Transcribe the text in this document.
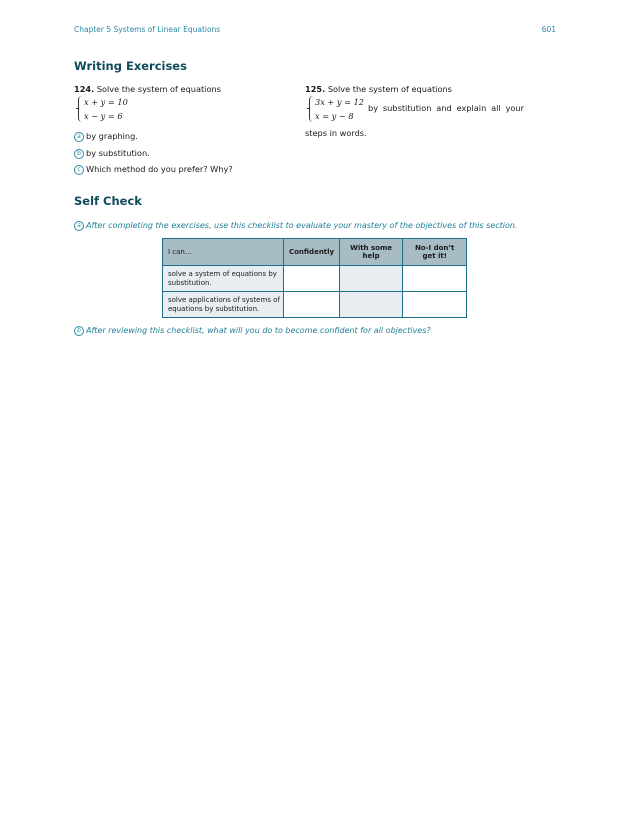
Chapter 5 Systems of Linear Equations	601
Writing Exercises
124. Solve the system of equations
x + y = 10
x − y = 6
125. Solve the system of equations
3x + y = 12
x = y − 8
by substitution and explain all your
steps in words.
a by graphing.
b by substitution.
c Which method do you prefer? Why?
Self Check
a After completing the exercises, use this checklist to evaluate your mastery of the objectives of this section.
I can…	Confidently	With some help	No-I don’t get it!
solve a system of equations by substitution.			
solve applications of systems of equations by substitution.			
b After reviewing this checklist, what will you do to become confident for all objectives?
